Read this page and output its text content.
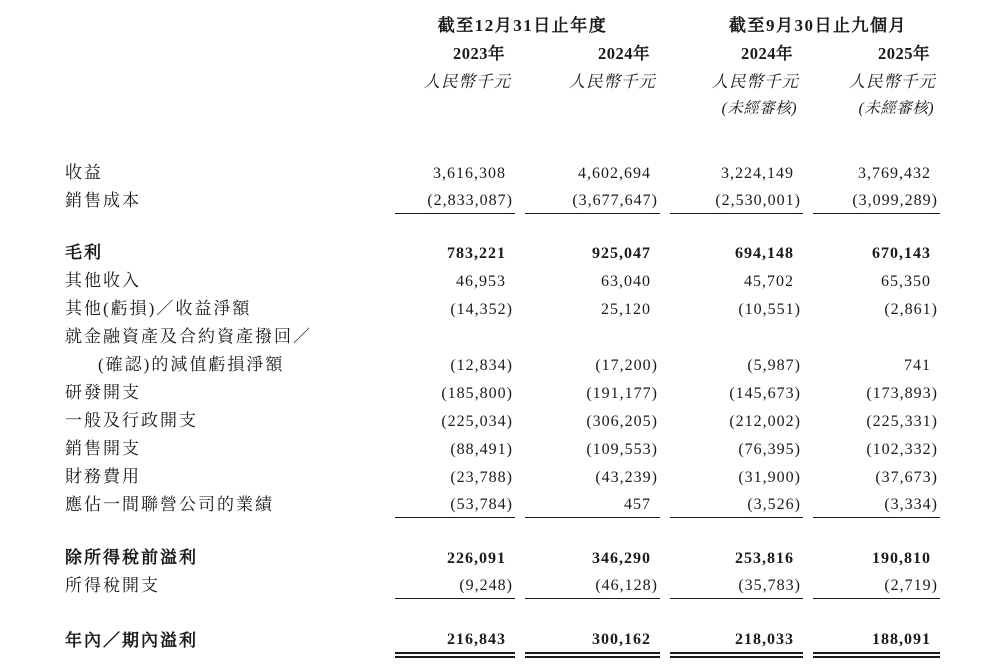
	截至12月31日止年度		截至9月30日止九個月	
	2023年	2024年	2024年	2025年
	人民幣千元	人民幣千元	人民幣千元	人民幣千元
			(未經審核)	(未經審核)

收益	3,616,308	4,602,694	3,224,149	3,769,432

銷售成本	(2,833,087)	(3,677,647)	(2,530,001)	(3,099,289)

毛利	783,221	925,047	694,148	670,143

其他收入	46,953	63,040	45,702	65,350

其他(虧損)／收益淨額	(14,352)	25,120	(10,551)	(2,861)

就金融資產及合約資產撥回／	

(確認)的減值虧損淨額	(12,834)	(17,200)	(5,987)	741

研發開支	(185,800)	(191,177)	(145,673)	(173,893)

一般及行政開支	(225,034)	(306,205)	(212,002)	(225,331)

銷售開支	(88,491)	(109,553)	(76,395)	(102,332)

財務費用	(23,788)	(43,239)	(31,900)	(37,673)

應佔一間聯營公司的業績	(53,784)	457	(3,526)	(3,334)

除所得稅前溢利	226,091	346,290	253,816	190,810

所得稅開支	(9,248)	(46,128)	(35,783)	(2,719)

年內／期內溢利	216,843	300,162	218,033	188,091
